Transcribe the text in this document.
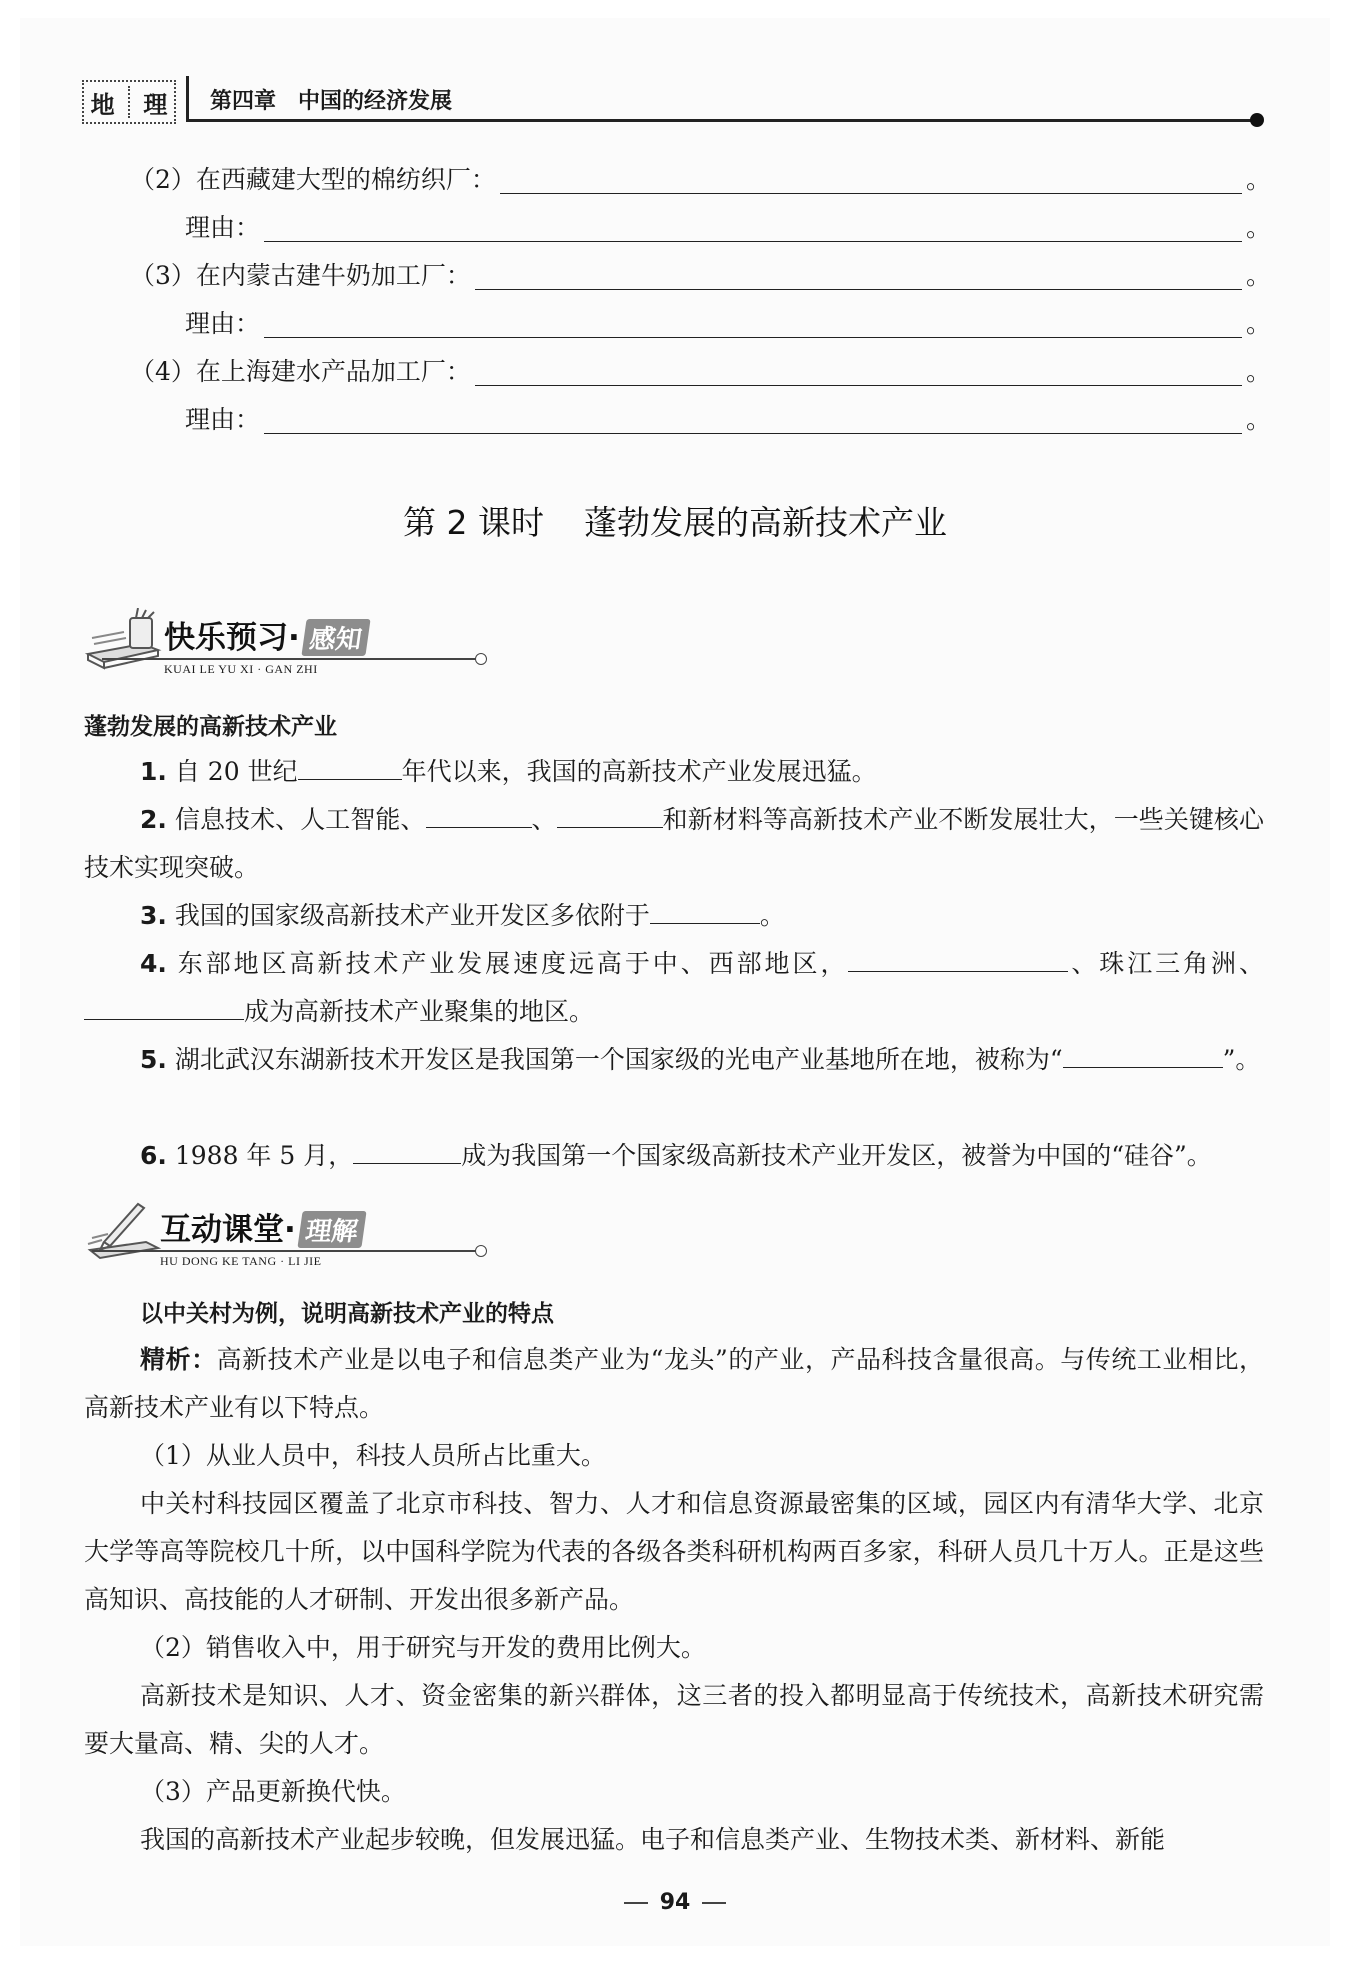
地 理 第四章 中国的经济发展
（2）在西藏建大型的棉纺织厂：	。
理由：	。
（3）在内蒙古建牛奶加工厂：	。
理由：	。
（4）在上海建水产品加工厂：	。
理由：	。
第 2 课时 蓬勃发展的高新技术产业
快乐预习· 感知
KUAI LE YU XI · GAN ZHI
蓬勃发展的高新技术产业
1. 自 20 世纪	年代以来，我国的高新技术产业发展迅猛。
2. 信息技术、人工智能、	、	和新材料等高新技术产业不断发展壮大，一些关键核心技术实现突破。
3. 我国的国家级高新技术产业开发区多依附于	。
4. 东部地区高新技术产业发展速度远高于中、西部地区，	、珠江三角洲、成为高新技术产业聚集的地区。
5. 湖北武汉东湖新技术开发区是我国第一个国家级的光电产业基地所在地，被称为“	”。
6. 1988 年 5 月，	成为我国第一个国家级高新技术产业开发区，被誉为中国的“硅谷”。
互动课堂· 理解
HU DONG KE TANG · LI JIE
以中关村为例，说明高新技术产业的特点
精析：高新技术产业是以电子和信息类产业为“龙头”的产业，产品科技含量很高。与传统工业相比，高新技术产业有以下特点。
（1）从业人员中，科技人员所占比重大。
中关村科技园区覆盖了北京市科技、智力、人才和信息资源最密集的区域，园区内有清华大学、北京大学等高等院校几十所，以中国科学院为代表的各级各类科研机构两百多家，科研人员几十万人。正是这些高知识、高技能的人才研制、开发出很多新产品。
（2）销售收入中，用于研究与开发的费用比例大。
高新技术是知识、人才、资金密集的新兴群体，这三者的投入都明显高于传统技术，高新技术研究需要大量高、精、尖的人才。
（3）产品更新换代快。
我国的高新技术产业起步较晚，但发展迅猛。电子和信息类产业、生物技术类、新材料、新能
94
